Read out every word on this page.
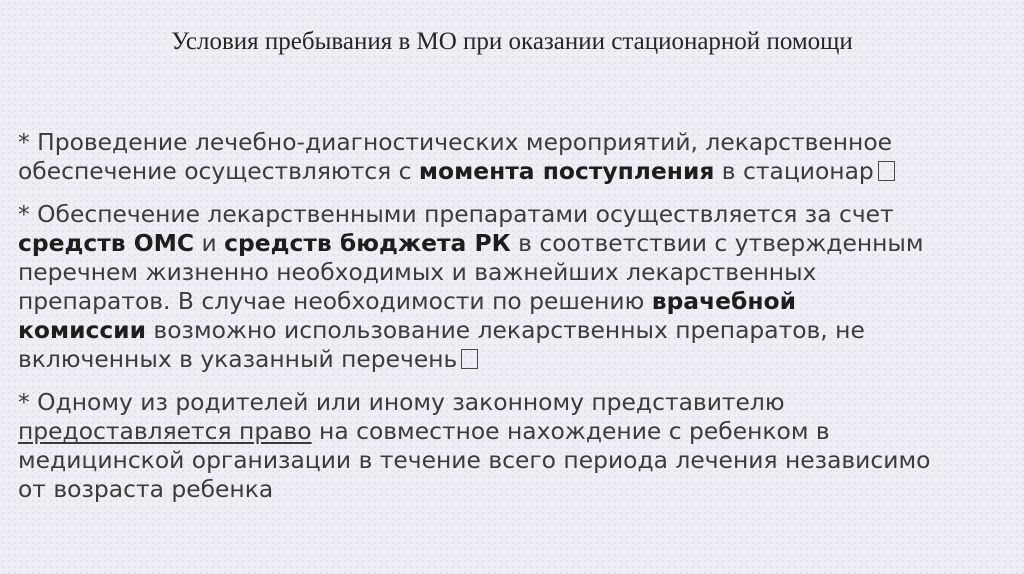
Условия пребывания в МО при оказании стационарной помощи

* Проведение лечебно-диагностических мероприятий, лекарственное

обеспечение осуществляются с момента поступления в стационар

* Обеспечение лекарственными препаратами осуществляется за счет

средств ОМС и средств бюджета РК в соответствии с утвержденным

перечнем жизненно необходимых и важнейших лекарственных

препаратов. В случае необходимости по решению врачебной

комиссии возможно использование лекарственных препаратов, не

включенных в указанный перечень

* Одному из родителей или иному законному представителю

предоставляется право на совместное нахождение с ребенком в

медицинской организации в течение всего периода лечения независимо

от возраста ребенка
